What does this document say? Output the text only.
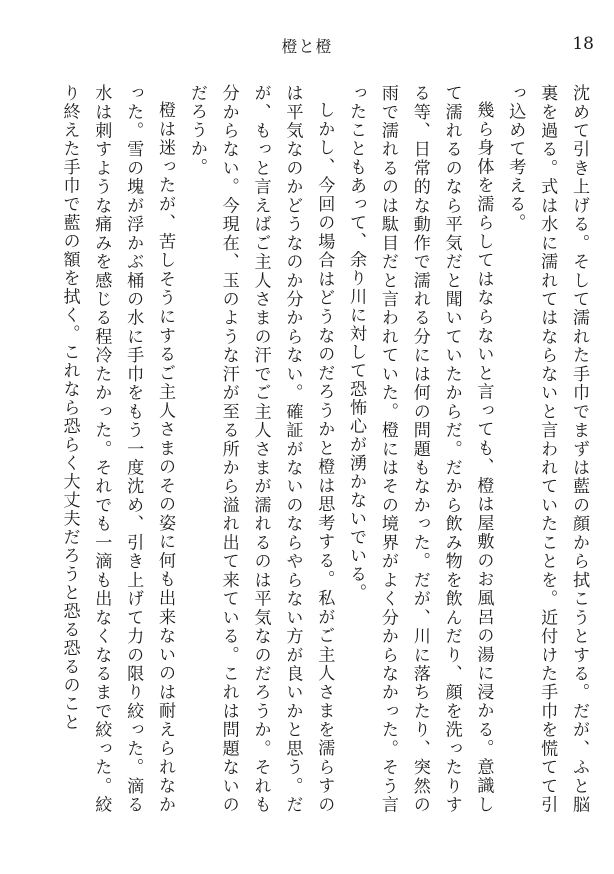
橙と橙	18

沈めて引き上げる。そして濡れた手巾でまずは藍の顔から拭こうとする。だが、ふと脳裏を過る。式は水に濡れてはならないと言われていたことを。近付けた手巾を慌てて引っ込めて考える。

幾ら身体を濡らしてはならないと言っても、橙は屋敷のお風呂の湯に浸かる。意識して濡れるのなら平気だと聞いていたからだ。だから飲み物を飲んだり、顔を洗ったりする等、日常的な動作で濡れる分には何の問題もなかった。だが、川に落ちたり、突然の雨で濡れるのは駄目だと言われていた。橙にはその境界がよく分からなかった。そう言ったこともあって、余り川に対して恐怖心が湧かないでいる。

しかし、今回の場合はどうなのだろうかと橙は思考する。私がご主人さまを濡らすのは平気なのかどうなのか分からない。確証がないのならやらない方が良いかと思う。だが、もっと言えばご主人さまの汗でご主人さまが濡れるのは平気なのだろうか。それも分からない。今現在、玉のような汗が至る所から溢れ出て来ている。これは問題ないのだろうか。

橙は迷ったが、苦しそうにするご主人さまのその姿に何も出来ないのは耐えられなかった。雪の塊が浮かぶ桶の水に手巾をもう一度沈め、引き上げて力の限り絞った。滴る水は刺すような痛みを感じる程冷たかった。それでも一滴も出なくなるまで絞った。絞り終えた手巾で藍の額を拭く。これなら恐らく大丈夫だろうと恐る恐るのこと
